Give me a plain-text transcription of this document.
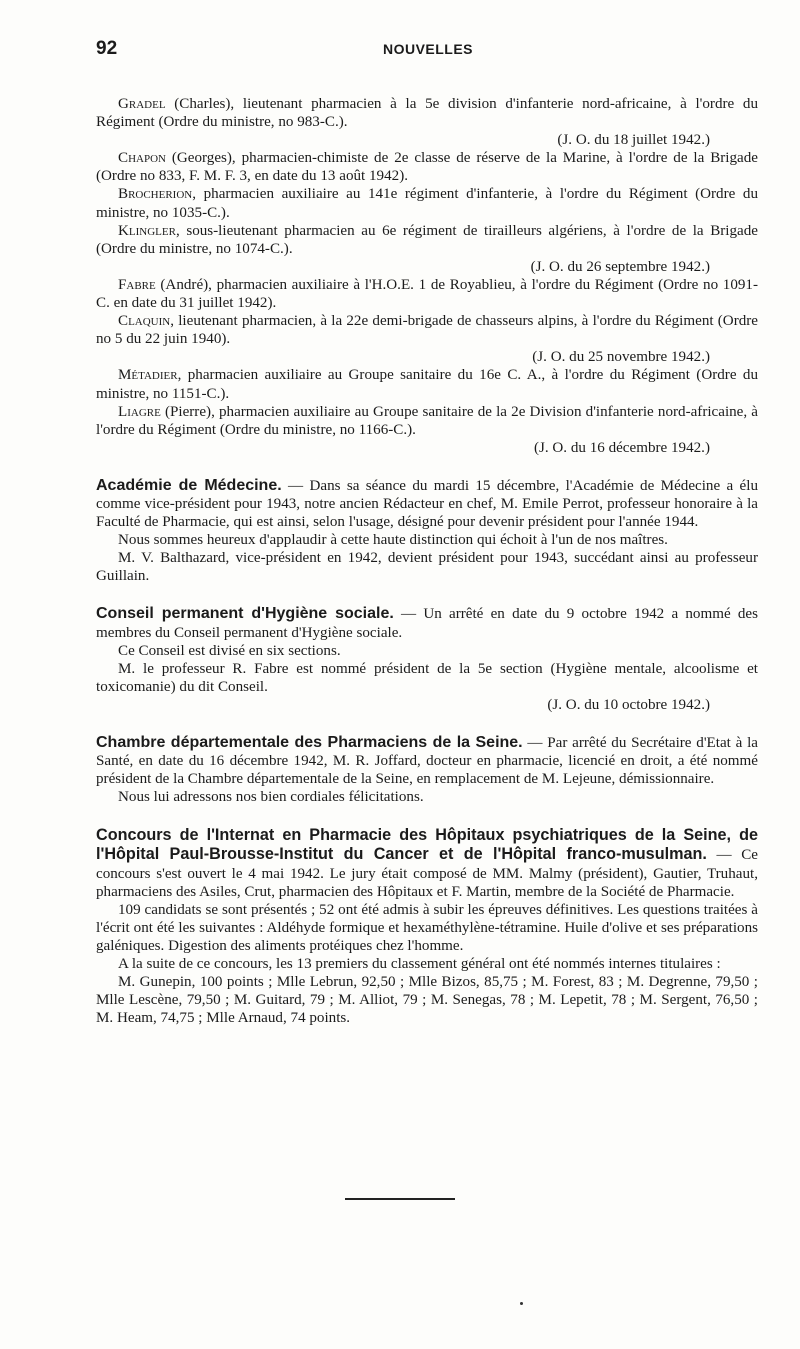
92	NOUVELLES

Gradel (Charles), lieutenant pharmacien à la 5e division d'infanterie nord-africaine, à l'ordre du Régiment (Ordre du ministre, no 983-C.).

(J. O. du 18 juillet 1942.)

Chapon (Georges), pharmacien-chimiste de 2e classe de réserve de la Marine, à l'ordre de la Brigade (Ordre no 833, F. M. F. 3, en date du 13 août 1942).

Brocherion, pharmacien auxiliaire au 141e régiment d'infanterie, à l'ordre du Régiment (Ordre du ministre, no 1035-C.).

Klingler, sous-lieutenant pharmacien au 6e régiment de tirailleurs algériens, à l'ordre de la Brigade (Ordre du ministre, no 1074-C.).

(J. O. du 26 septembre 1942.)

Fabre (André), pharmacien auxiliaire à l'H.O.E. 1 de Royablieu, à l'ordre du Régiment (Ordre no 1091-C. en date du 31 juillet 1942).

Claquin, lieutenant pharmacien, à la 22e demi-brigade de chasseurs alpins, à l'ordre du Régiment (Ordre no 5 du 22 juin 1940).

(J. O. du 25 novembre 1942.)

Métadier, pharmacien auxiliaire au Groupe sanitaire du 16e C. A., à l'ordre du Régiment (Ordre du ministre, no 1151-C.).

Liagre (Pierre), pharmacien auxiliaire au Groupe sanitaire de la 2e Division d'infanterie nord-africaine, à l'ordre du Régiment (Ordre du ministre, no 1166-C.).

(J. O. du 16 décembre 1942.)

Académie de Médecine. — Dans sa séance du mardi 15 décembre, l'Académie de Médecine a élu comme vice-président pour 1943, notre ancien Rédacteur en chef, M. Emile Perrot, professeur honoraire à la Faculté de Pharmacie, qui est ainsi, selon l'usage, désigné pour devenir président pour l'année 1944.

Nous sommes heureux d'applaudir à cette haute distinction qui échoit à l'un de nos maîtres.

M. V. Balthazard, vice-président en 1942, devient président pour 1943, succédant ainsi au professeur Guillain.

Conseil permanent d'Hygiène sociale. — Un arrêté en date du 9 octobre 1942 a nommé des membres du Conseil permanent d'Hygiène sociale.

Ce Conseil est divisé en six sections.

M. le professeur R. Fabre est nommé président de la 5e section (Hygiène mentale, alcoolisme et toxicomanie) du dit Conseil.

(J. O. du 10 octobre 1942.)

Chambre départementale des Pharmaciens de la Seine. — Par arrêté du Secrétaire d'Etat à la Santé, en date du 16 décembre 1942, M. R. Joffard, docteur en pharmacie, licencié en droit, a été nommé président de la Chambre départementale de la Seine, en remplacement de M. Lejeune, démissionnaire.

Nous lui adressons nos bien cordiales félicitations.

Concours de l'Internat en Pharmacie des Hôpitaux psychiatriques de la Seine, de l'Hôpital Paul-Brousse-Institut du Cancer et de l'Hôpital franco-musulman. — Ce concours s'est ouvert le 4 mai 1942. Le jury était composé de MM. Malmy (président), Gautier, Truhaut, pharmaciens des Asiles, Crut, pharmacien des Hôpitaux et F. Martin, membre de la Société de Pharmacie.

109 candidats se sont présentés ; 52 ont été admis à subir les épreuves définitives. Les questions traitées à l'écrit ont été les suivantes : Aldéhyde formique et hexaméthylène-tétramine. Huile d'olive et ses préparations galéniques. Digestion des aliments protéiques chez l'homme.

A la suite de ce concours, les 13 premiers du classement général ont été nommés internes titulaires :

M. Gunepin, 100 points ; Mlle Lebrun, 92,50 ; Mlle Bizos, 85,75 ; M. Forest, 83 ; M. Degrenne, 79,50 ; Mlle Lescène, 79,50 ; M. Guitard, 79 ; M. Alliot, 79 ; M. Senegas, 78 ; M. Lepetit, 78 ; M. Sergent, 76,50 ; M. Heam, 74,75 ; Mlle Arnaud, 74 points.
